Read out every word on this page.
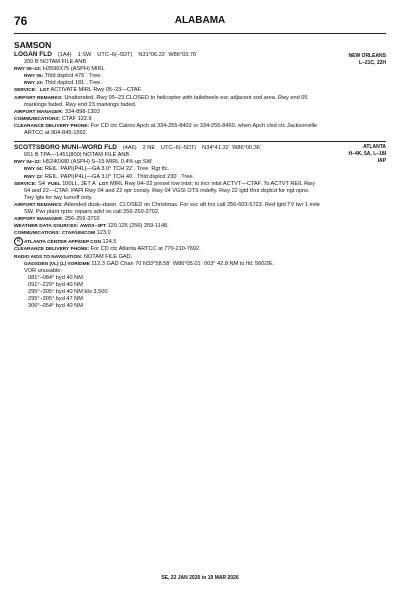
76	ALABAMA
SAMSON
NEW ORLEANS
L–21C, 22H
LOGAN FLD (1A4) 1 SW UTC–6(–5DT) N31°06.22´ W86°03.76´
200 B NOTAM FILE ANB
RWY 05–23: H3596X75 (ASPH) MIRL
RWY 05: Thld dsplcd 476´. Tree.
RWY 23: Thld dsplcd 181´. Tree.
SERVICE: LGT ACTIVATE MIRL Rwy 05–23—CTAF.
AIRPORT REMARKS: Unattended. Rwy 05–23 CLOSED to helicopter with tailwheels exc adjacent sod area. Rwy end 05
markings faded. Rwy end 23 markings faded.
AIRPORT MANAGER: 334-898-1303
COMMUNICATIONS: CTAF 122.9
CLEARANCE DELIVERY PHONE: For CD ctc Cairns Apch at 334-255-8402 or 334-255-8460, when Apch clsd ctc Jacksonville
ARTCC at 904-845-1592.
ATLANTA
H–4K, 5A, L–18I
IAP
SCOTTSBORO MUNI–WORD FLD (4A6) 2 NE UTC–6(–5DT) N34°41.32´ W86°00.36´
651 B TPA—1451(800) NOTAM FILE ANB
RWY 04–22: H5240X80 (ASPH) S–15 MIRL 0.4% up SW
RWY 04: REIL. PAPI(P4L)—GA 3.0° TCH 22´. Tree. Rgt tfc.
RWY 22: REIL. PAPI(P4L)—GA 3.0° TCH 40´. Thld dsplcd 230´. Tree.
SERVICE: S4 FUEL 100LL, JET A LGT MIRL Rwy 04–22 preset low intst; to incr intst ACTVT—CTAF. To ACTVT REIL Rwy
04 and 22—CTAF. PAPI Rwy 04 and 22 opr consly. Rwy 04 VGSI OTS indefly. Rwy 22 lgtd thrs dsplcd for ngt opns.
Twy lgts for twy turnoff only.
AIRPORT REMARKS: Attended dusk–dawn. CLOSED on Christmas. For svc aft hrs call 256-603-5723. Red lgtd TV twr 1 mile
SW. Pwr plant rprts: repairs advl on call 256-259-3702.
AIRPORT MANAGER: 256-259-3702
WEATHER DATA SOURCES: AWOS–3PT 120.125 (256) 259-1148.
COMMUNICATIONS: CTAF/UNICOM 123.0
R ATLANTA CENTER APP/DEP CON 124.5
CLEARANCE DELIVERY PHONE: For CD ctc Atlanta ARTCC at 770-210-7692.
RADIO AIDS TO NAVIGATION: NOTAM FILE GAD.
GADSDEN (VL) (L) VOR/DME 112.3 GAD Chan 70 N33°58.58´ W86°05.01´ 003° 42.8 NM to fld. 560/2E.
VOR unusable:
081°–084° byd 40 NM
091°–229° byd 40 NM
295°–305° byd 40 NM blo 3,500´
295°–305° byd 47 NM
306°–054° byd 40 NM
SE, 22 JAN 2026 to 19 MAR 2026
